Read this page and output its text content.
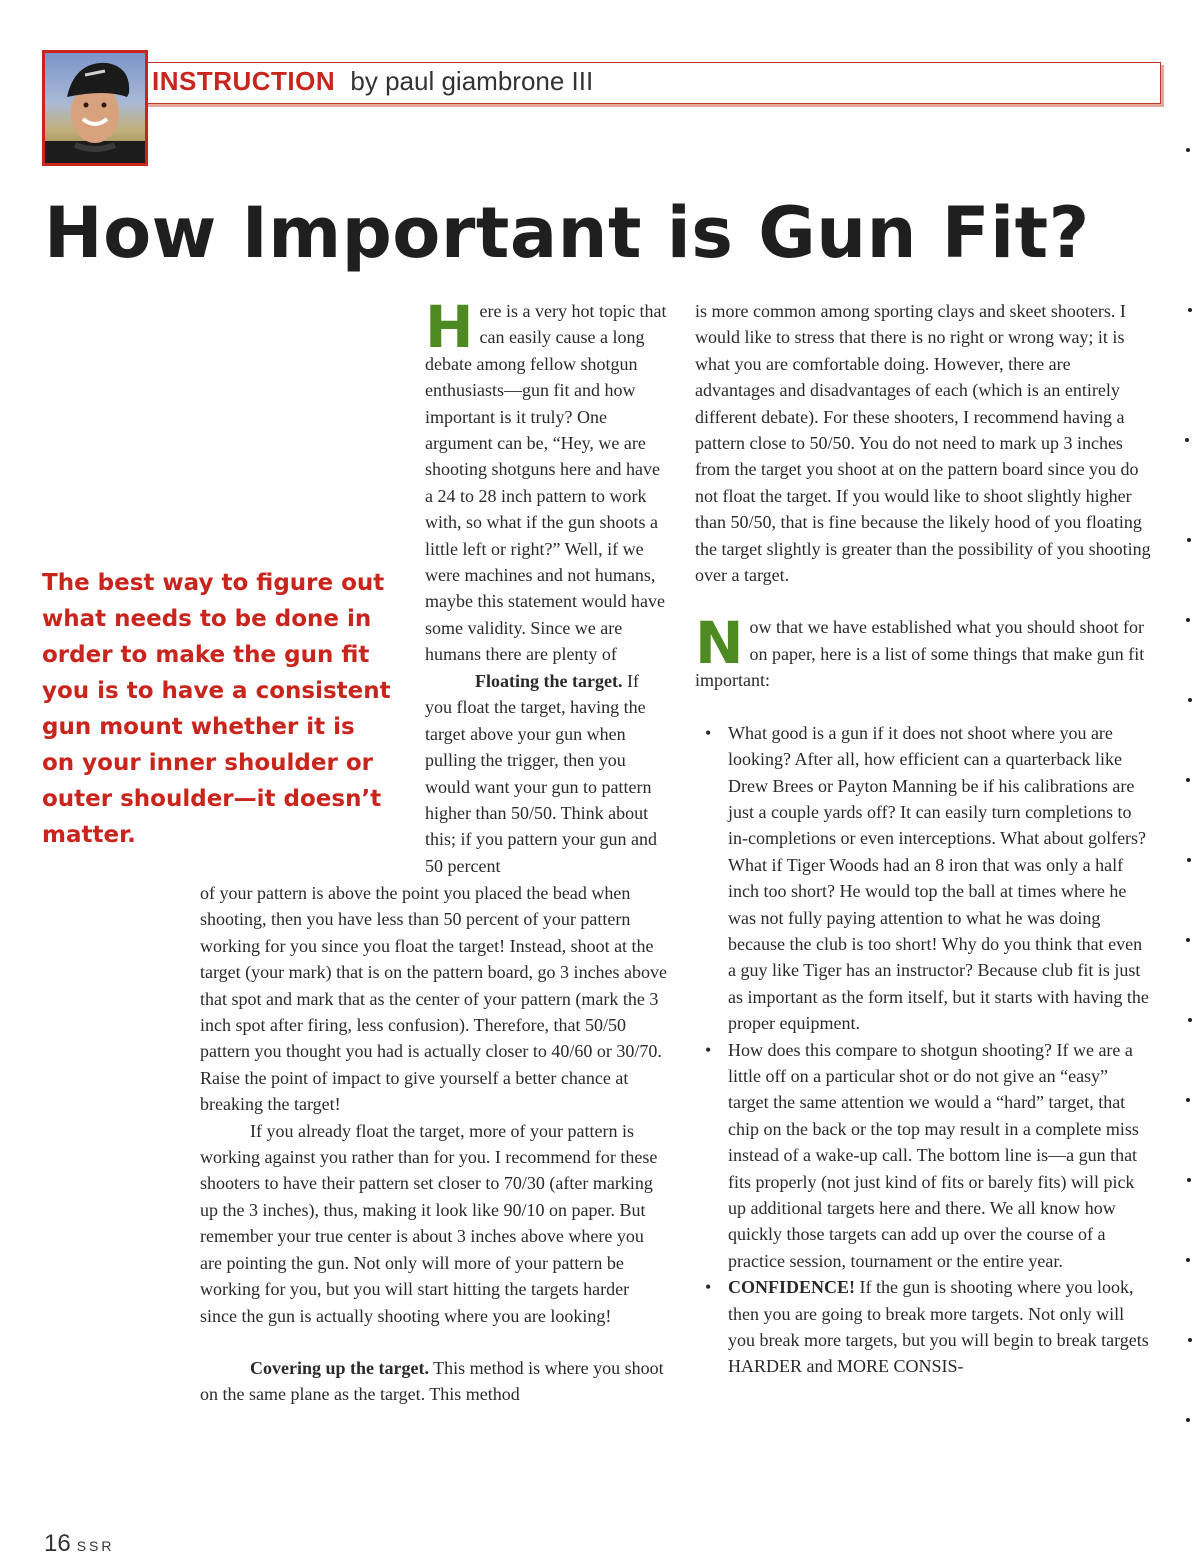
INSTRUCTION by paul giambrone III
How Important is Gun Fit?
The best way to figure out what needs to be done in order to make the gun fit you is to have a consistent gun mount whether it is on your inner shoulder or outer shoulder—it doesn’t matter.

Here is a very hot topic that can easily cause a long debate among fellow shotgun enthusiasts—gun fit and how important is it truly? One argument can be, “Hey, we are shooting shotguns here and have a 24 to 28 inch pattern to work with, so what if the gun shoots a little left or right?” Well, if we were machines and not humans, maybe this statement would have some validity. Since we are humans there are plenty of

Floating the target. If you float the target, having the target above your gun when pulling the trigger, then you would want your gun to pattern higher than 50/50. Think about this; if you pattern your gun and 50 percent

of your pattern is above the point you placed the bead when shooting, then you have less than 50 percent of your pattern working for you since you float the target! Instead, shoot at the target (your mark) that is on the pattern board, go 3 inches above that spot and mark that as the center of your pattern (mark the 3 inch spot after firing, less confusion). Therefore, that 50/50 pattern you thought you had is actually closer to 40/60 or 30/70. Raise the point of impact to give yourself a better chance at breaking the target!

If you already float the target, more of your pattern is working against you rather than for you. I recommend for these shooters to have their pattern set closer to 70/30 (after marking up the 3 inches), thus, making it look like 90/10 on paper. But remember your true center is about 3 inches above where you are pointing the gun. Not only will more of your pattern be working for you, but you will start hitting the targets harder since the gun is actually shooting where you are looking!

Covering up the target. This method is where you shoot on the same plane as the target. This method

is more common among sporting clays and skeet shooters. I would like to stress that there is no right or wrong way; it is what you are comfortable doing. However, there are advantages and disadvantages of each (which is an entirely different debate). For these shooters, I recommend having a pattern close to 50/50. You do not need to mark up 3 inches from the target you shoot at on the pattern board since you do not float the target. If you would like to shoot slightly higher than 50/50, that is fine because the likely hood of you floating the target slightly is greater than the possibility of you shooting over a target.

Now that we have established what you should shoot for on paper, here is a list of some things that make gun fit important:

• What good is a gun if it does not shoot where you are looking? After all, how efficient can a quarterback like Drew Brees or Payton Manning be if his calibrations are just a couple yards off? It can easily turn completions to in-completions or even interceptions. What about golfers? What if Tiger Woods had an 8 iron that was only a half inch too short? He would top the ball at times where he was not fully paying attention to what he was doing because the club is too short! Why do you think that even a guy like Tiger has an instructor? Because club fit is just as important as the form itself, but it starts with having the proper equipment.
• How does this compare to shotgun shooting? If we are a little off on a particular shot or do not give an “easy” target the same attention we would a “hard” target, that chip on the back or the top may result in a complete miss instead of a wake-up call. The bottom line is—a gun that fits properly (not just kind of fits or barely fits) will pick up additional targets here and there. We all know how quickly those targets can add up over the course of a practice session, tournament or the entire year.
• CONFIDENCE! If the gun is shooting where you look, then you are going to break more targets. Not only will you break more targets, but you will begin to break targets HARDER and MORE CONSIS-
16 SSR
